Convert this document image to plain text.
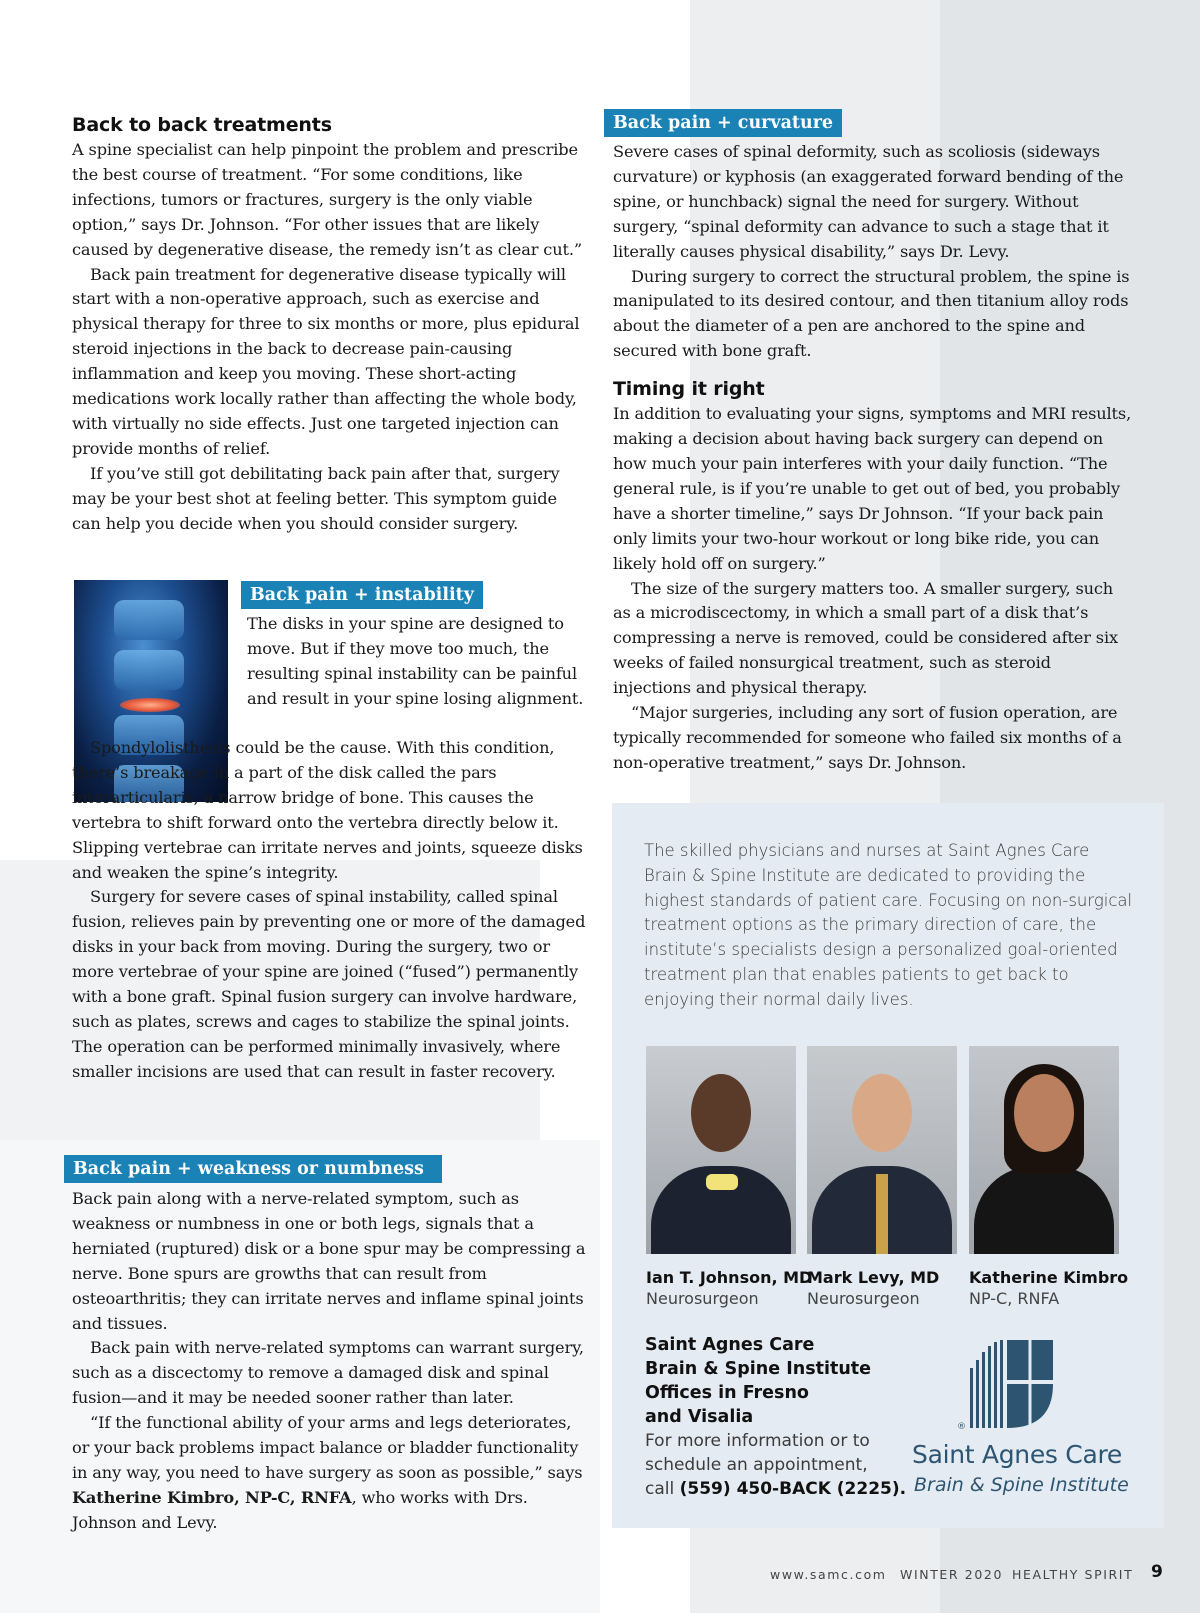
Back to back treatments

A spine specialist can help pinpoint the problem and prescribe the best course of treatment. “For some conditions, like infections, tumors or fractures, surgery is the only viable option,” says Dr. Johnson. “For other issues that are likely caused by degenerative disease, the remedy isn’t as clear cut.”

Back pain treatment for degenerative disease typically will start with a non-operative approach, such as exercise and physical therapy for three to six months or more, plus epidural steroid injections in the back to decrease pain-causing inflammation and keep you moving. These short-acting medications work locally rather than affecting the whole body, with virtually no side effects. Just one targeted injection can provide months of relief.

If you’ve still got debilitating back pain after that, surgery may be your best shot at feeling better. This symptom guide can help you decide when you should consider surgery.

Back pain + instability

The disks in your spine are designed to move. But if they move too much, the resulting spinal instability can be painful and result in your spine losing alignment.

Spondylolisthesis could be the cause. With this condition, there’s breakage in a part of the disk called the pars interarticularis, a narrow bridge of bone. This causes the vertebra to shift forward onto the vertebra directly below it. Slipping vertebrae can irritate nerves and joints, squeeze disks and weaken the spine’s integrity.

Surgery for severe cases of spinal instability, called spinal fusion, relieves pain by preventing one or more of the damaged disks in your back from moving. During the surgery, two or more vertebrae of your spine are joined (“fused”) permanently with a bone graft. Spinal fusion surgery can involve hardware, such as plates, screws and cages to stabilize the spinal joints. The operation can be performed minimally invasively, where smaller incisions are used that can result in faster recovery.

Back pain + weakness or numbness

Back pain along with a nerve-related symptom, such as weakness or numbness in one or both legs, signals that a herniated (ruptured) disk or a bone spur may be compressing a nerve. Bone spurs are growths that can result from osteoarthritis; they can irritate nerves and inflame spinal joints and tissues.

Back pain with nerve-related symptoms can warrant surgery, such as a discectomy to remove a damaged disk and spinal fusion—and it may be needed sooner rather than later.

“If the functional ability of your arms and legs deteriorates, or your back problems impact balance or bladder functionality in any way, you need to have surgery as soon as possible,” says Katherine Kimbro, NP-C, RNFA, who works with Drs. Johnson and Levy.

Back pain + curvature

Severe cases of spinal deformity, such as scoliosis (sideways curvature) or kyphosis (an exaggerated forward bending of the spine, or hunchback) signal the need for surgery. Without surgery, “spinal deformity can advance to such a stage that it literally causes physical disability,” says Dr. Levy.

During surgery to correct the structural problem, the spine is manipulated to its desired contour, and then titanium alloy rods about the diameter of a pen are anchored to the spine and secured with bone graft.

Timing it right

In addition to evaluating your signs, symptoms and MRI results, making a decision about having back surgery can depend on how much your pain interferes with your daily function. “The general rule, is if you’re unable to get out of bed, you probably have a shorter timeline,” says Dr Johnson. “If your back pain only limits your two-hour workout or long bike ride, you can likely hold off on surgery.”

The size of the surgery matters too. A smaller surgery, such as a microdiscectomy, in which a small part of a disk that’s compressing a nerve is removed, could be considered after six weeks of failed nonsurgical treatment, such as steroid injections and physical therapy.

“Major surgeries, including any sort of fusion operation, are typically recommended for someone who failed six months of a non-operative treatment,” says Dr. Johnson.

The skilled physicians and nurses at Saint Agnes Care Brain & Spine Institute are dedicated to providing the highest standards of patient care. Focusing on non-surgical treatment options as the primary direction of care, the institute’s specialists design a personalized goal-oriented treatment plan that enables patients to get back to enjoying their normal daily lives.
Ian T. Johnson, MD
Neurosurgeon
Mark Levy, MD
Neurosurgeon
Katherine Kimbro
NP-C, RNFA
Saint Agnes Care
Brain & Spine Institute
Offices in Fresno
and Visalia
For more information or to
schedule an appointment,
call (559) 450-BACK (2225).
®
Saint Agnes Care
Brain & Spine Institute
www.samc.com WINTER 2020 HEALTHY SPIRIT 9
